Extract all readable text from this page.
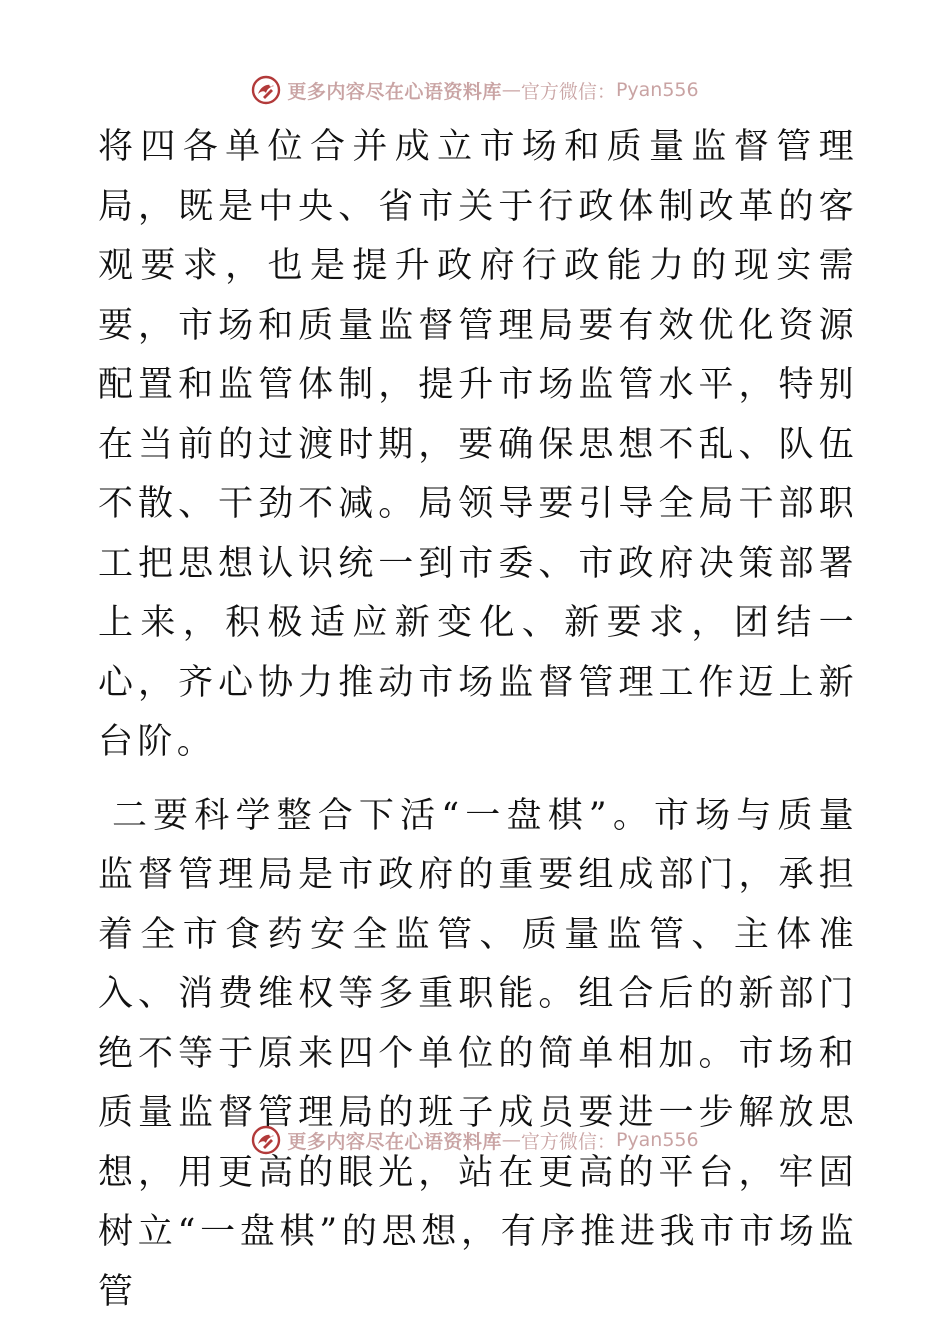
更多内容尽在心语资料库 — 官方微信： Pyan556

将四各单位合并成立市场和质量监督管理局，既是中央、省市关于行政体制改革的客观要求，也是提升政府行政能力的现实需要，市场和质量监督管理局要有效优化资源配置和监管体制，提升市场监管水平，特别在当前的过渡时期，要确保思想不乱、队伍不散、干劲不减。局领导要引导全局干部职工把思想认识统一到市委、市政府决策部署上来，积极适应新变化、新要求，团结一心，齐心协力推动市场监督管理工作迈上新台阶。

二要科学整合下活“一盘棋”。市场与质量监督管理局是市政府的重要组成部门，承担着全市食药安全监管、质量监管、主体准入、消费维权等多重职能。组合后的新部门绝不等于原来四个单位的简单相加。市场和质量监督管理局的班子成员要进一步解放思想，用更高的眼光，站在更高的平台，牢固树立“一盘棋”的思想，有序推进我市市场监管

更多内容尽在心语资料库 — 官方微信： Pyan556
